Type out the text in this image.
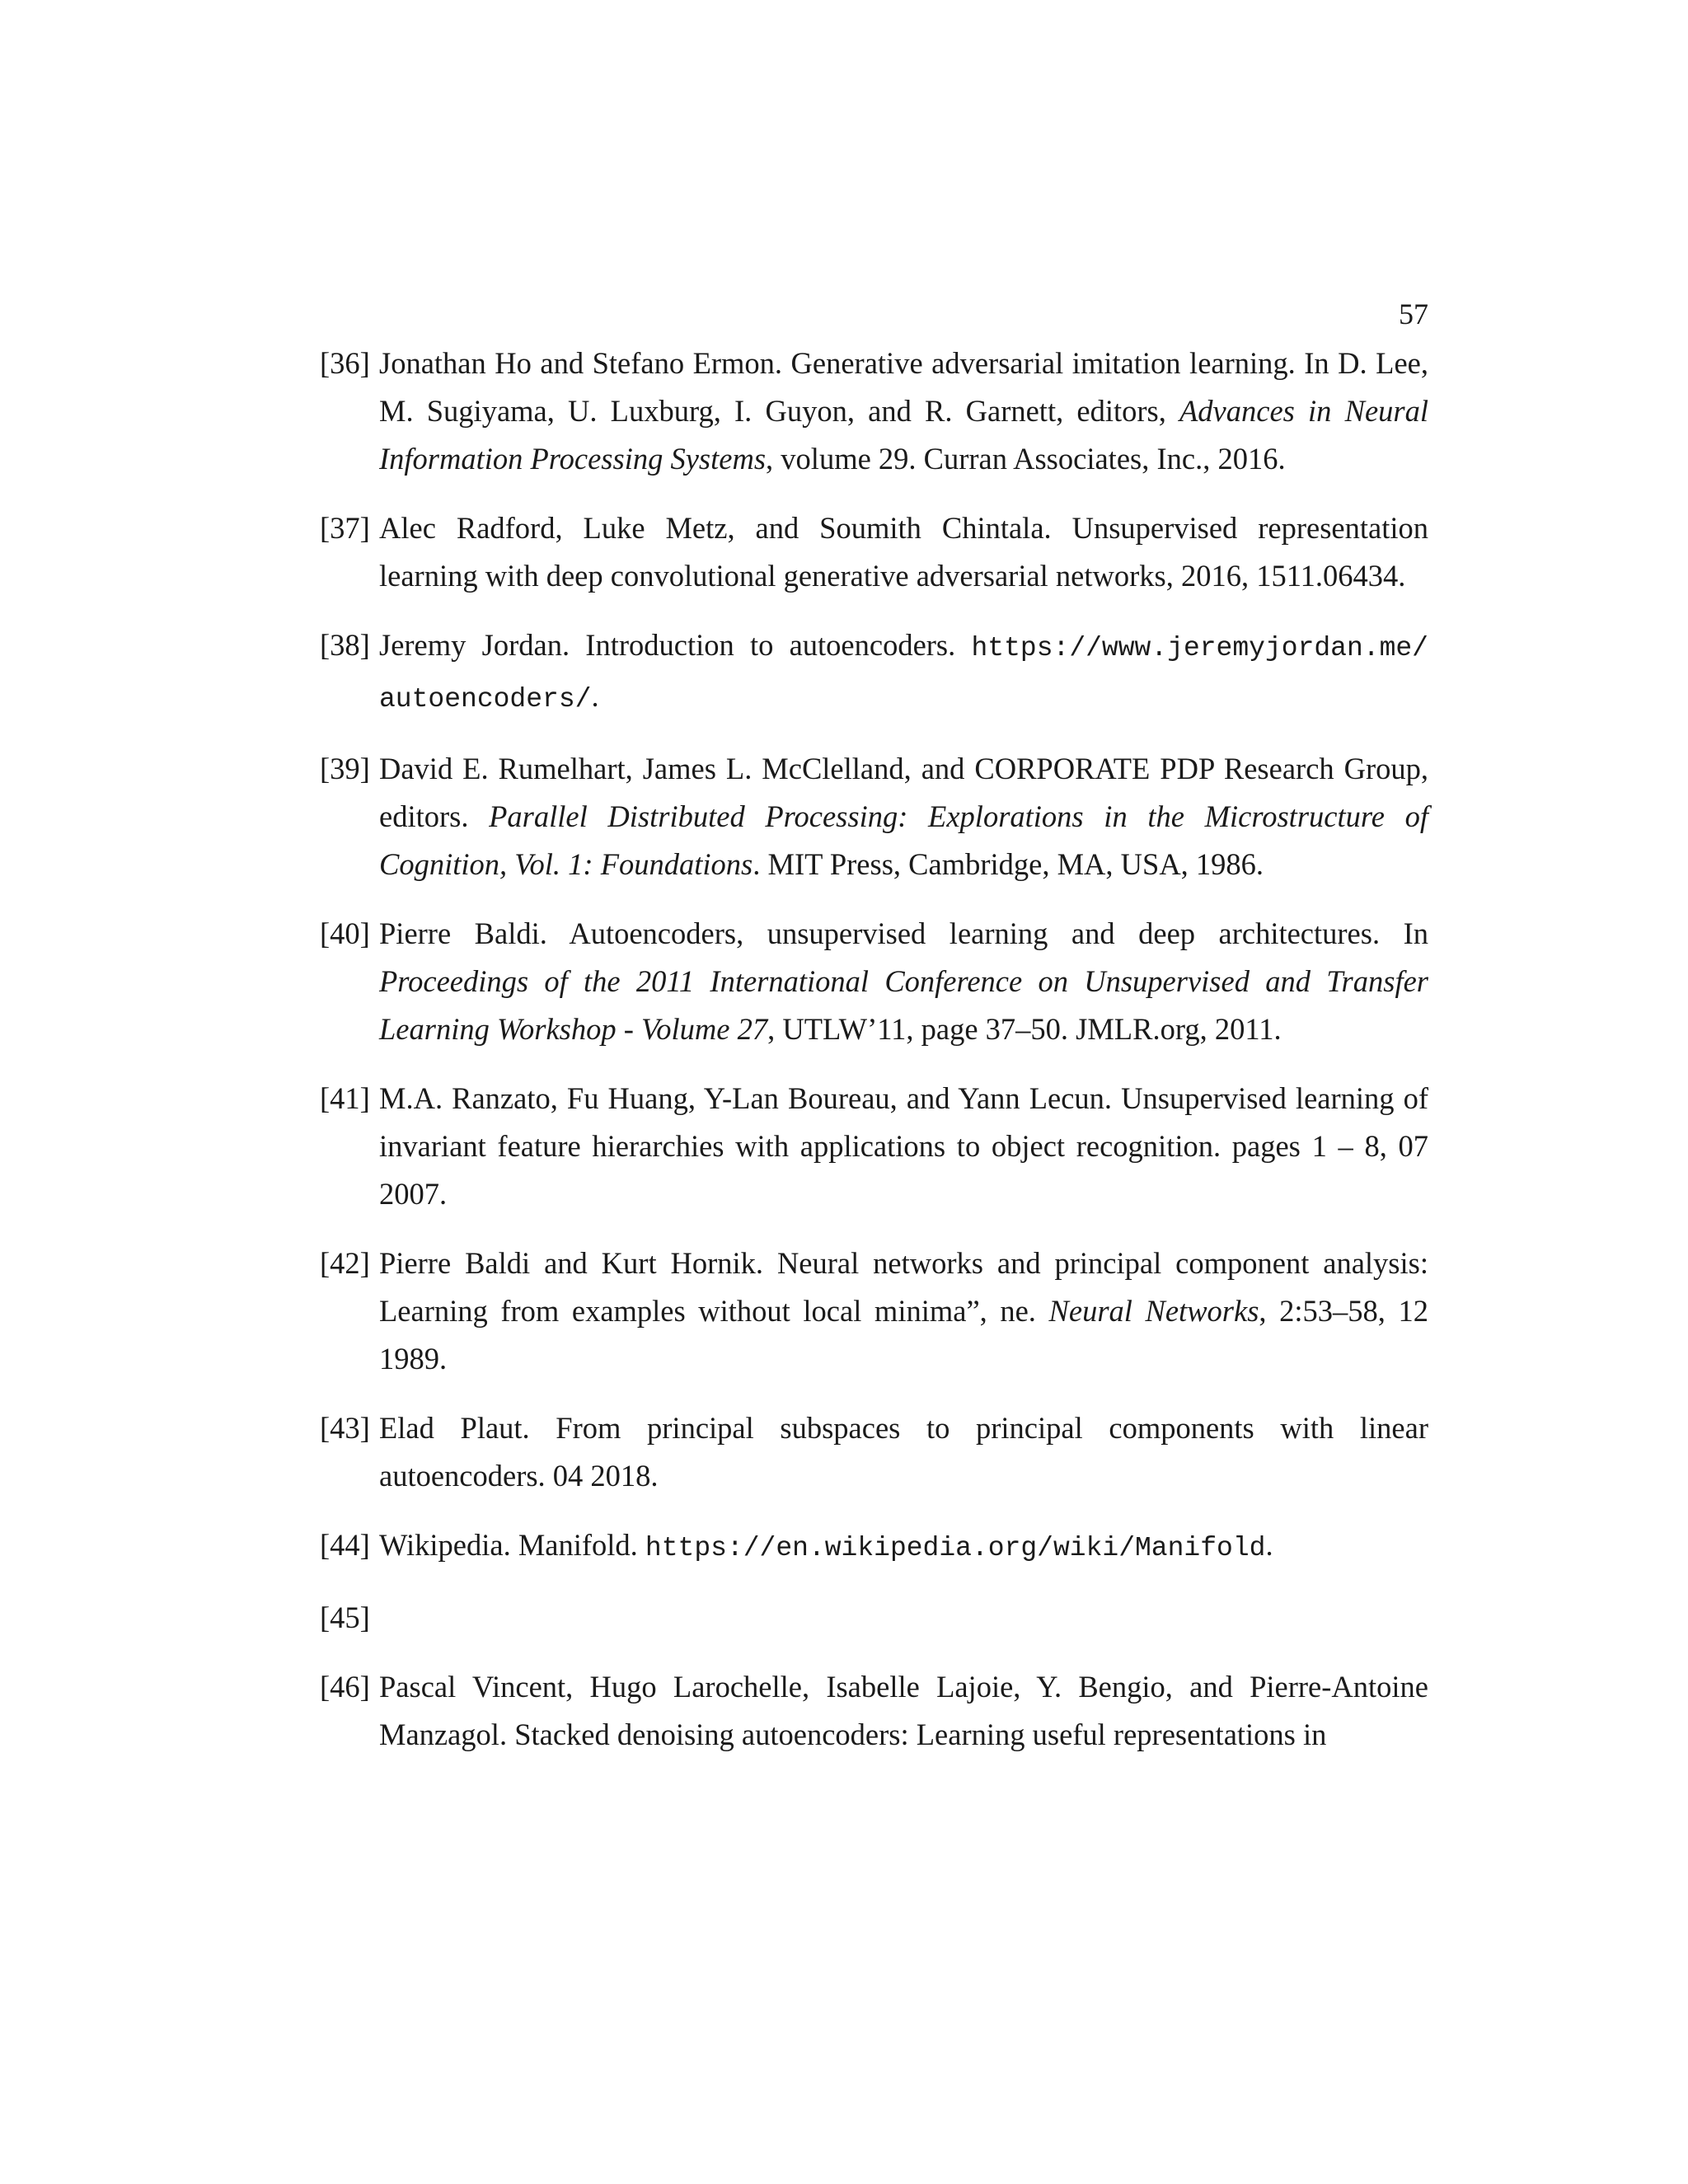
57
[36] Jonathan Ho and Stefano Ermon. Generative adversarial imitation learning. In D. Lee, M. Sugiyama, U. Luxburg, I. Guyon, and R. Garnett, editors, Advances in Neural Information Processing Systems, volume 29. Curran Associates, Inc., 2016.
[37] Alec Radford, Luke Metz, and Soumith Chintala. Unsupervised representation learning with deep convolutional generative adversarial networks, 2016, 1511.06434.
[38] Jeremy Jordan. Introduction to autoencoders. https://www.jeremyjordan.me/ autoencoders/.
[39] David E. Rumelhart, James L. McClelland, and CORPORATE PDP Research Group, editors. Parallel Distributed Processing: Explorations in the Microstructure of Cognition, Vol. 1: Foundations. MIT Press, Cambridge, MA, USA, 1986.
[40] Pierre Baldi. Autoencoders, unsupervised learning and deep architectures. In Proceedings of the 2011 International Conference on Unsupervised and Transfer Learning Workshop - Volume 27, UTLW’11, page 37–50. JMLR.org, 2011.
[41] M.A. Ranzato, Fu Huang, Y-Lan Boureau, and Yann Lecun. Unsupervised learning of invariant feature hierarchies with applications to object recognition. pages 1 – 8, 07 2007.
[42] Pierre Baldi and Kurt Hornik. Neural networks and principal component analysis: Learning from examples without local minima”, ne. Neural Networks, 2:53–58, 12 1989.
[43] Elad Plaut. From principal subspaces to principal components with linear autoencoders. 04 2018.
[44] Wikipedia. Manifold. https://en.wikipedia.org/wiki/Manifold.
[45]
[46] Pascal Vincent, Hugo Larochelle, Isabelle Lajoie, Y. Bengio, and Pierre-Antoine Manzagol. Stacked denoising autoencoders: Learning useful representations in
